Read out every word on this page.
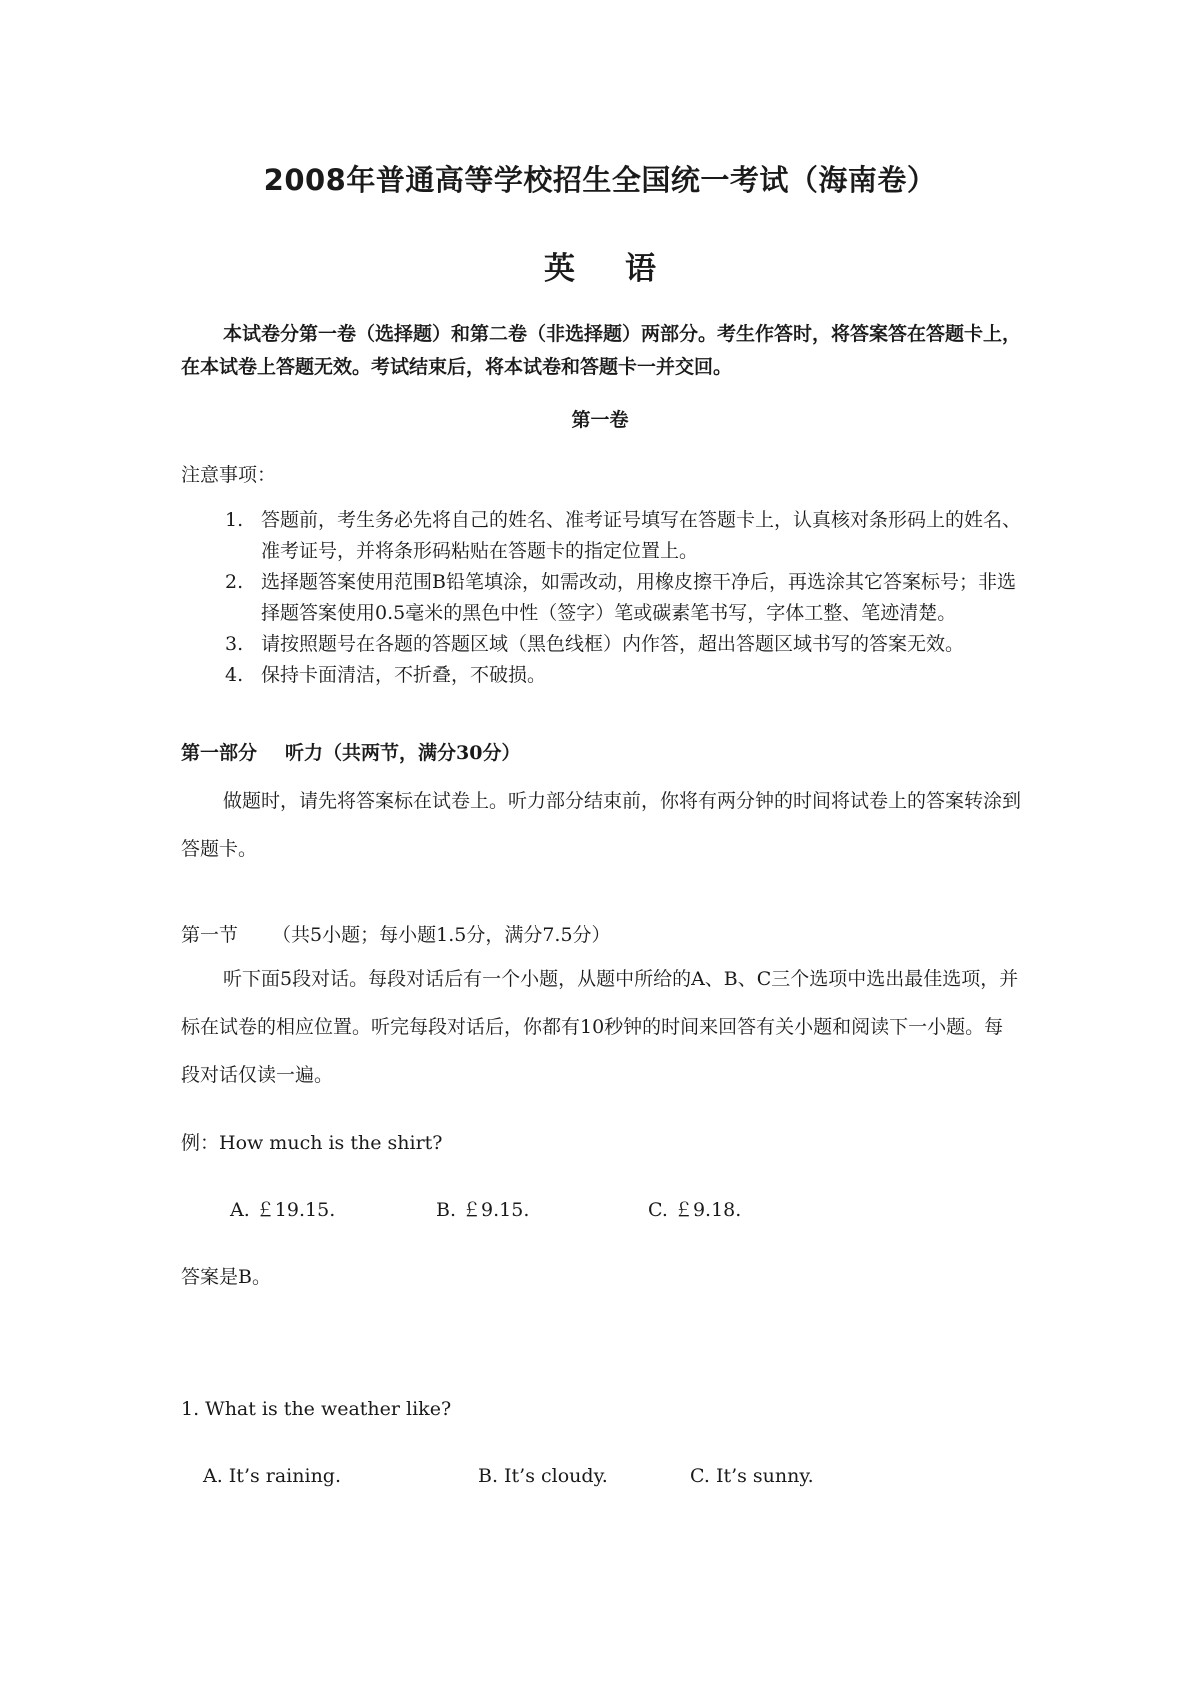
2008年普通高等学校招生全国统一考试（海南卷）
英语

本试卷分第一卷（选择题）和第二卷（非选择题）两部分。考生作答时，将答案答在答题卡上，在本试卷上答题无效。考试结束后，将本试卷和答题卡一并交回。

第一卷
注意事项：
1. 答题前，考生务必先将自己的姓名、准考证号填写在答题卡上，认真核对条形码上的姓名、准考证号，并将条形码粘贴在答题卡的指定位置上。
2. 选择题答案使用范围B铅笔填涂，如需改动，用橡皮擦干净后，再选涂其它答案标号；非选择题答案使用0.5毫米的黑色中性（签字）笔或碳素笔书写，字体工整、笔迹清楚。
3. 请按照题号在各题的答题区域（黑色线框）内作答，超出答题区域书写的答案无效。
4. 保持卡面清洁，不折叠，不破损。
第一部分 听力（共两节，满分30分）

做题时，请先将答案标在试卷上。听力部分结束前，你将有两分钟的时间将试卷上的答案转涂到答题卡。

第一节 （共5小题；每小题1.5分，满分7.5分）

听下面5段对话。每段对话后有一个小题，从题中所给的A、B、C三个选项中选出最佳选项，并标在试卷的相应位置。听完每段对话后，你都有10秒钟的时间来回答有关小题和阅读下一小题。每段对话仅读一遍。

例：How much is the shirt?
A. ￡19.15.	B. ￡9.15.	C. ￡9.18.
答案是B。
1. What is the weather like?
A. It’s raining.	B. It’s cloudy.	C. It’s sunny.
